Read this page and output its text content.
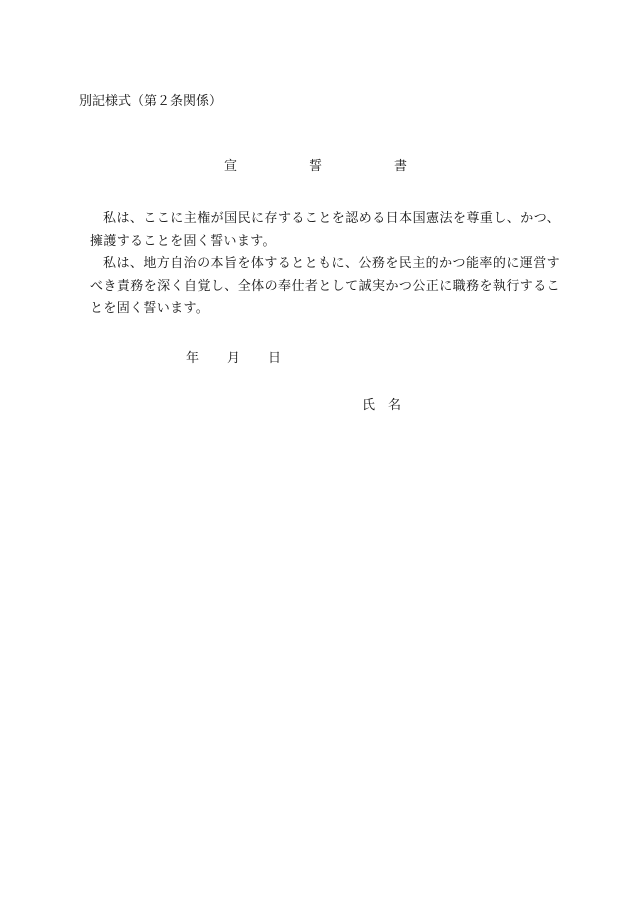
別記様式（第２条関係）
宣	誓	書

私は、ここに主権が国民に存することを認める日本国憲法を尊重し、かつ、擁護することを固く誓います。

私は、地方自治の本旨を体するとともに、公務を民主的かつ能率的に運営すべき責務を深く自覚し、全体の奉仕者として誠実かつ公正に職務を執行することを固く誓います。

年 月 日
氏 名
